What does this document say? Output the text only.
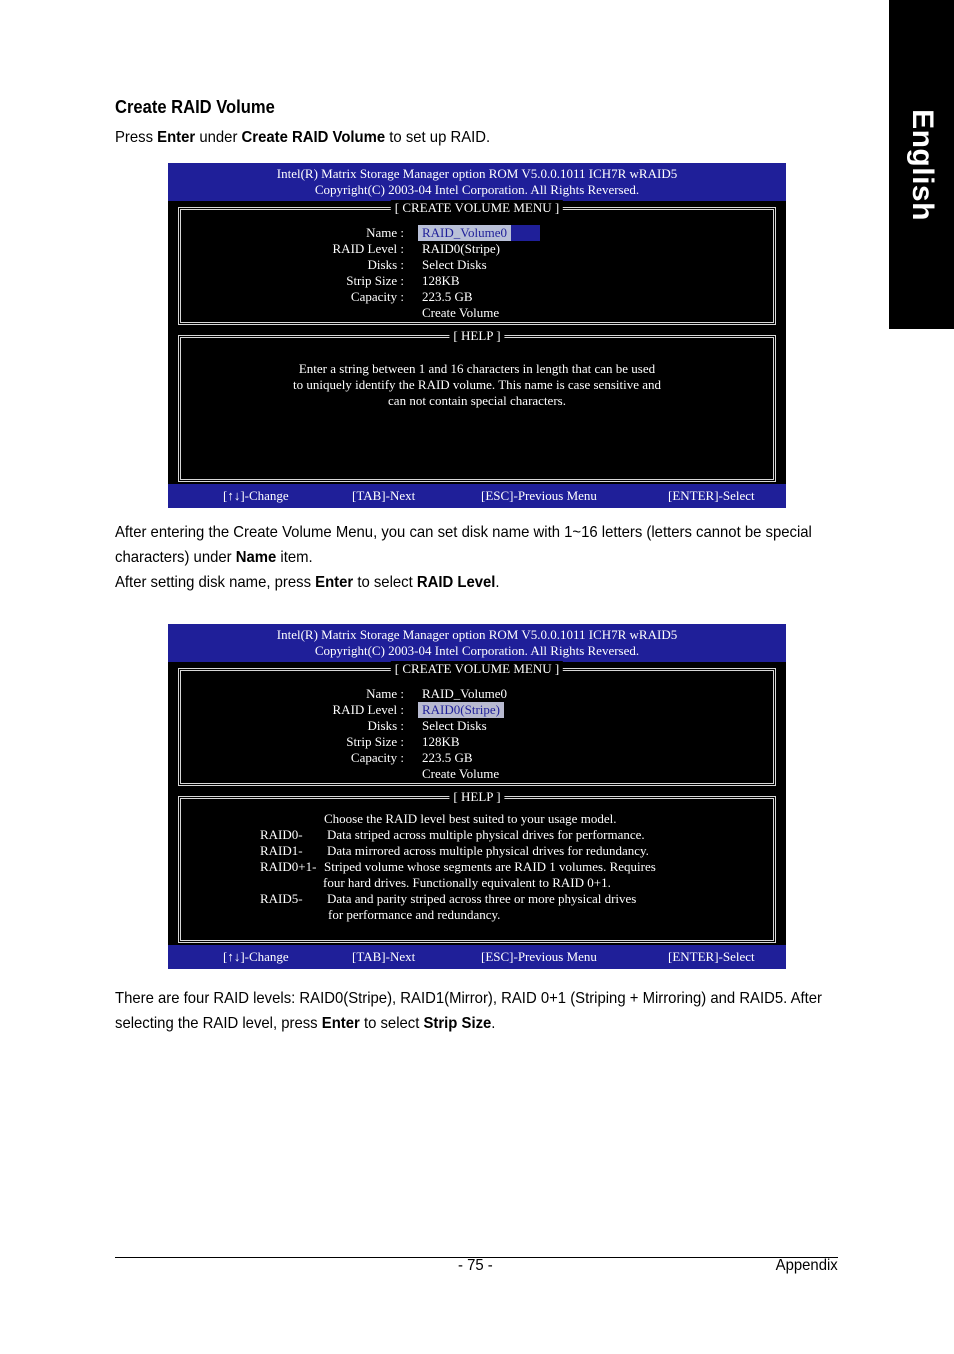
English
Create RAID Volume
Press Enter under Create RAID Volume to set up RAID.
Intel(R) Matrix Storage Manager option ROM V5.0.0.1011 ICH7R wRAID5
Copyright(C) 2003-04 Intel Corporation. All Rights Reversed.
[ CREATE VOLUME MENU ]
Name :	RAID_Volume0
RAID Level : RAID0(Stripe)
Disks : Select Disks
Strip Size : 128KB
Capacity : 223.5 GB
Create Volume
[ HELP ]
Enter a string between 1 and 16 characters in length that can be used
to uniquely identify the RAID volume. This name is case sensitive and
can not contain special characters.
[↑↓]-Change	[TAB]-Next	[ESC]-Previous Menu	[ENTER]-Select
After entering the Create Volume Menu, you can set disk name with 1~16 letters (letters cannot be special
characters) under Name item.
After setting disk name, press Enter to select RAID Level.
Intel(R) Matrix Storage Manager option ROM V5.0.0.1011 ICH7R wRAID5
Copyright(C) 2003-04 Intel Corporation. All Rights Reversed.
[ CREATE VOLUME MENU ]
Name : RAID_Volume0
RAID Level :	RAID0(Stripe)
Disks : Select Disks
Strip Size : 128KB
Capacity : 223.5 GB
Create Volume
[ HELP ]
Choose the RAID level best suited to your usage model.
RAID0- Data striped across multiple physical drives for performance.
RAID1- Data mirrored across multiple physical drives for redundancy.
RAID0+1- Striped volume whose segments are RAID 1 volumes. Requires
four hard drives. Functionally equivalent to RAID 0+1.
RAID5- Data and parity striped across three or more physical drives
for performance and redundancy.
[↑↓]-Change	[TAB]-Next	[ESC]-Previous Menu	[ENTER]-Select
There are four RAID levels: RAID0(Stripe), RAID1(Mirror), RAID 0+1 (Striping + Mirroring) and RAID5. After
selecting the RAID level, press Enter to select Strip Size.
- 75 -	Appendix
